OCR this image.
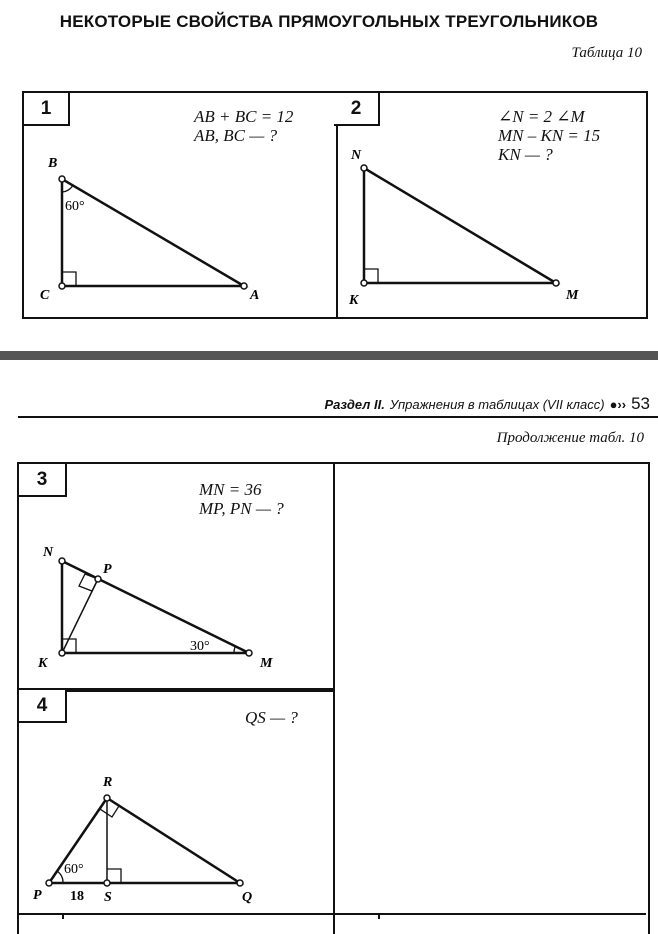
НЕКОТОРЫЕ СВОЙСТВА ПРЯМОУГОЛЬНЫХ ТРЕУГОЛЬНИКОВ
Таблица 10
1	AB + BC = 12
AB, BC — ?
B
C	A
60°
2	∠N = 2 ∠M
MN – KN = 15
KN — ?
N
K	M
Раздел II. Упражнения в таблицах (VII класс) ●›› 53
Продолжение табл. 10
3	MN = 36
MP, PN — ?
N
P
K	M
30°
4
QS — ?
R
P	S	Q
60°
18
